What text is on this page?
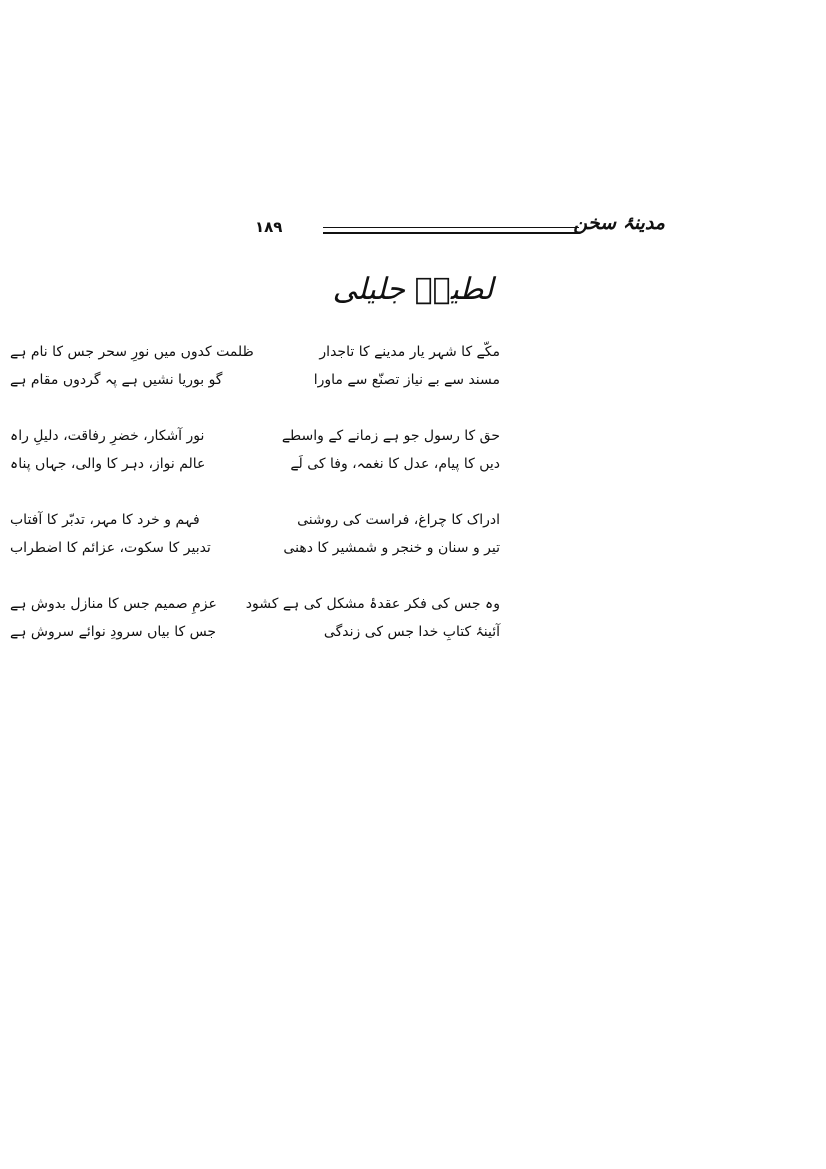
۱۸۹	مدینۂ سخن
لطیفؔ جلیلی
مکّے کا شہر یار مدینے کا تاجدار
ظلمت کدوں میں نورِ سحر جس کا نام ہے
مسند سے بے نیاز تصنّع سے ماورا
گو بوریا نشیں ہے پہ گردوں مقام ہے
حق کا رسول جو ہے زمانے کے واسطے
نور آشکار، خضرِ رفاقت، دلیلِ راہ
دیں کا پیام، عدل کا نغمہ، وفا کی لَے
عالم نواز، دہر کا والی، جہاں پناہ
ادراک کا چراغ، فراست کی روشنی
فہم و خرد کا مہر، تدبّر کا آفتاب
تیر و سنان و خنجر و شمشیر کا دھنی
تدبیر کا سکوت، عزائم کا اضطراب
وہ جس کی فکر عقدۂ مشکل کی ہے کشود
عزمِ صمیم جس کا منازل بدوش ہے
آئینۂ کتابِ خدا جس کی زندگی
جس کا بیاں سرودِ نوائے سروش ہے
